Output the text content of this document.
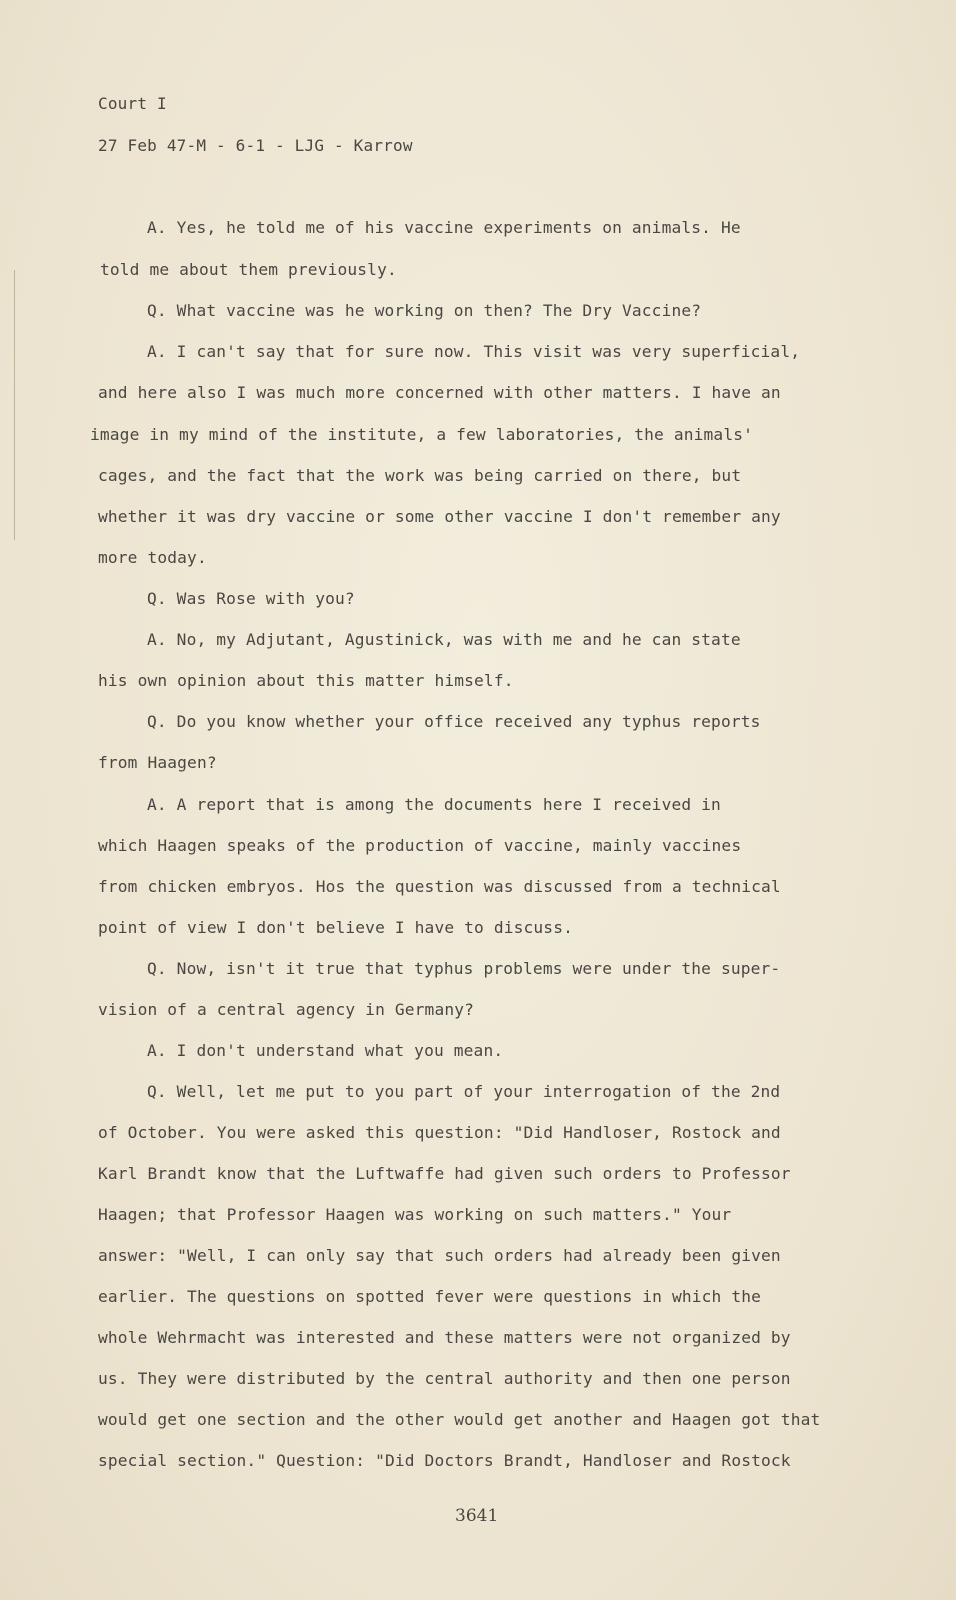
Court I
27 Feb 47-M - 6-1 - LJG - Karrow
A. Yes, he told me of his vaccine experiments on animals. He
told me about them previously.
Q. What vaccine was he working on then? The Dry Vaccine?
A. I can't say that for sure now. This visit was very superficial,
and here also I was much more concerned with other matters. I have an
image in my mind of the institute, a few laboratories, the animals'
cages, and the fact that the work was being carried on there, but
whether it was dry vaccine or some other vaccine I don't remember any
more today.
Q. Was Rose with you?
A. No, my Adjutant, Agustinick, was with me and he can state
his own opinion about this matter himself.
Q. Do you know whether your office received any typhus reports
from Haagen?
A. A report that is among the documents here I received in
which Haagen speaks of the production of vaccine, mainly vaccines
from chicken embryos. Hos the question was discussed from a technical
point of view I don't believe I have to discuss.
Q. Now, isn't it true that typhus problems were under the super-
vision of a central agency in Germany?
A. I don't understand what you mean.
Q. Well, let me put to you part of your interrogation of the 2nd
of October. You were asked this question: "Did Handloser, Rostock and
Karl Brandt know that the Luftwaffe had given such orders to Professor
Haagen; that Professor Haagen was working on such matters." Your
answer: "Well, I can only say that such orders had already been given
earlier. The questions on spotted fever were questions in which the
whole Wehrmacht was interested and these matters were not organized by
us. They were distributed by the central authority and then one person
would get one section and the other would get another and Haagen got that
special section." Question: "Did Doctors Brandt, Handloser and Rostock
3641
